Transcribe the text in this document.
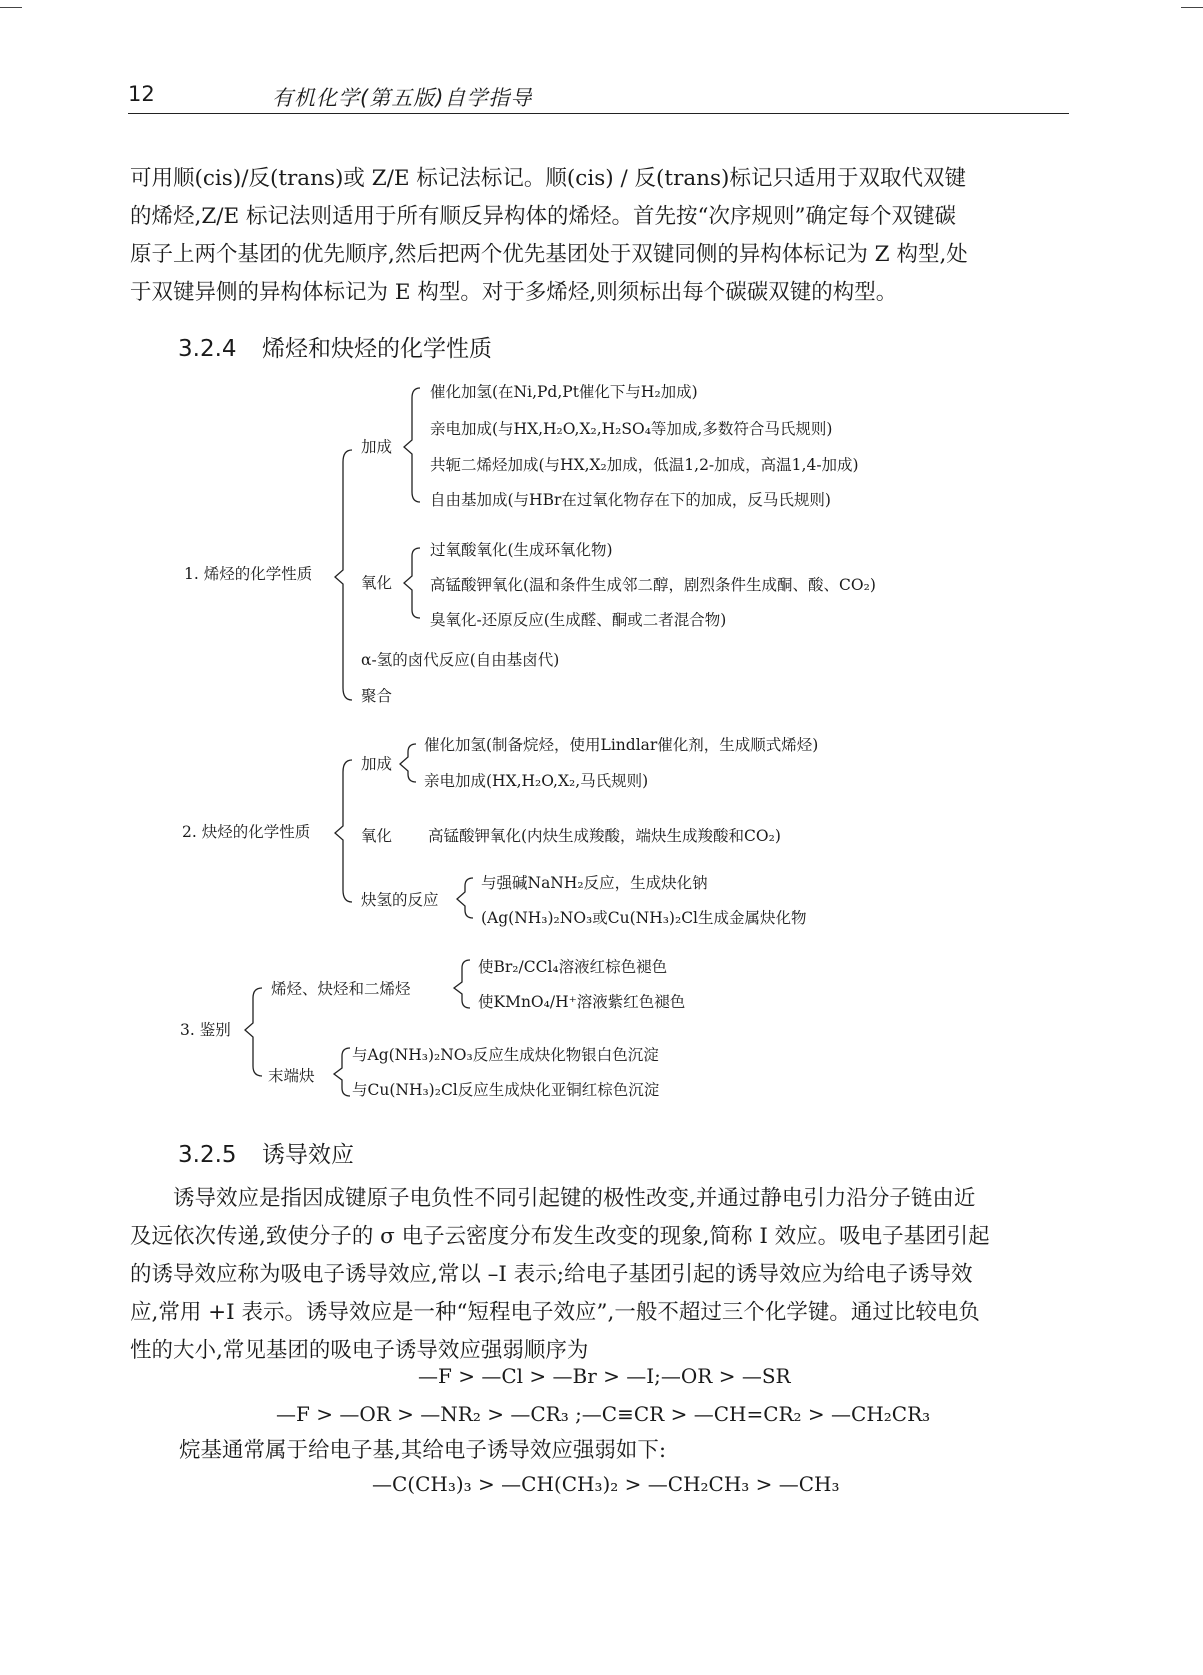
12	有机化学(第五版)自学指导
可用顺(cis)/反(trans)或 Z/E 标记法标记。顺(cis) / 反(trans)标记只适用于双取代双键
的烯烃,Z/E 标记法则适用于所有顺反异构体的烯烃。首先按“次序规则”确定每个双键碳
原子上两个基团的优先顺序,然后把两个优先基团处于双键同侧的异构体标记为 Z 构型,处
于双键异侧的异构体标记为 E 构型。对于多烯烃,则须标出每个碳碳双键的构型。
3.2.4 烯烃和炔烃的化学性质
1. 烯烃的化学性质
加成
催化加氢(在Ni,Pd,Pt催化下与H₂加成)
亲电加成(与HX,H₂O,X₂,H₂SO₄等加成,多数符合马氏规则)
共轭二烯烃加成(与HX,X₂加成，低温1,2-加成，高温1,4-加成)
自由基加成(与HBr在过氧化物存在下的加成，反马氏规则)
氧化
过氧酸氧化(生成环氧化物)
高锰酸钾氧化(温和条件生成邻二醇，剧烈条件生成酮、酸、CO₂)
臭氧化-还原反应(生成醛、酮或二者混合物)
α-氢的卤代反应(自由基卤代)
聚合
2. 炔烃的化学性质
加成
催化加氢(制备烷烃，使用Lindlar催化剂，生成顺式烯烃)
亲电加成(HX,H₂O,X₂,马氏规则)
氧化 高锰酸钾氧化(内炔生成羧酸，端炔生成羧酸和CO₂)
炔氢的反应
与强碱NaNH₂反应，生成炔化钠
(Ag(NH₃)₂NO₃或Cu(NH₃)₂Cl生成金属炔化物
3. 鉴别
烯烃、炔烃和二烯烃
使Br₂/CCl₄溶液红棕色褪色
使KMnO₄/H⁺溶液紫红色褪色
末端炔
与Ag(NH₃)₂NO₃反应生成炔化物银白色沉淀
与Cu(NH₃)₂Cl反应生成炔化亚铜红棕色沉淀
3.2.5 诱导效应
诱导效应是指因成键原子电负性不同引起键的极性改变,并通过静电引力沿分子链由近
及远依次传递,致使分子的 σ 电子云密度分布发生改变的现象,简称 I 效应。吸电子基团引起
的诱导效应称为吸电子诱导效应,常以 –I 表示;给电子基团引起的诱导效应为给电子诱导效
应,常用 +I 表示。诱导效应是一种“短程电子效应”,一般不超过三个化学键。通过比较电负
性的大小,常见基团的吸电子诱导效应强弱顺序为
—F > —Cl > —Br > —I;—OR > —SR
—F > —OR > —NR₂ > —CR₃ ;—C≡CR > —CH=CR₂ > —CH₂CR₃
烷基通常属于给电子基,其给电子诱导效应强弱如下:
—C(CH₃)₃ > —CH(CH₃)₂ > —CH₂CH₃ > —CH₃
